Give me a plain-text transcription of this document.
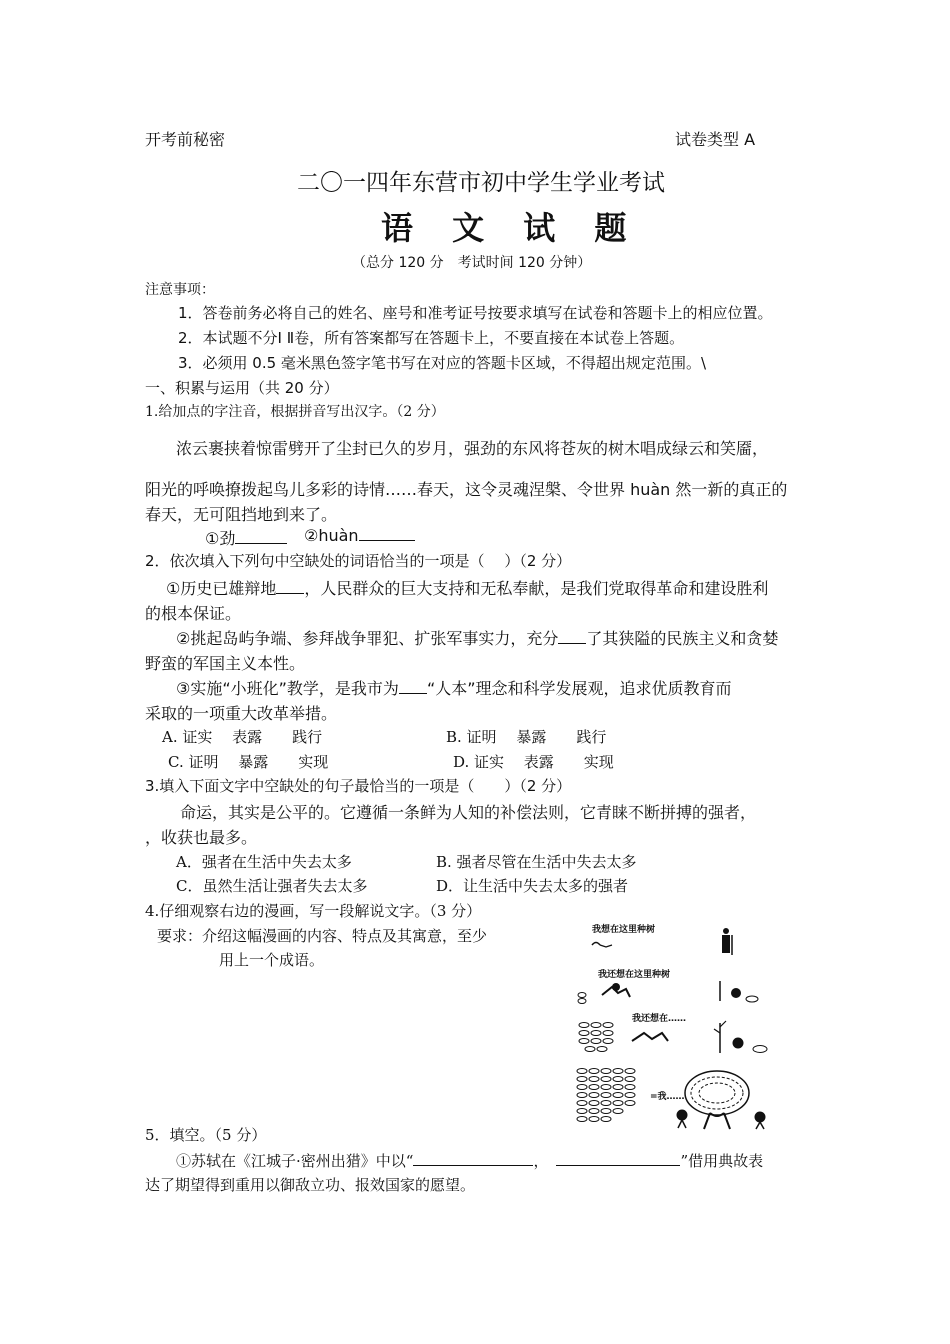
开考前秘密	试卷类型 A
二〇一四年东营市初中学生学业考试
语 文 试 题
（总分 120 分　考试时间 120 分钟）
注意事项：
1．答卷前务必将自己的姓名、座号和准考证号按要求填写在试卷和答题卡上的相应位置。
2．本试题不分Ⅰ Ⅱ卷，所有答案都写在答题卡上，不要直接在本试卷上答题。
3．必须用 0.5 毫米黑色签字笔书写在对应的答题卡区域，不得超出规定范围。\
一、积累与运用（共 20 分）
1.给加点的字注音，根据拼音写出汉字。（2 分）
浓云裹挟着惊雷劈开了尘封已久的岁月，强劲的东风将苍灰的树木唱成绿云和笑靥，
阳光的呼唤撩拨起鸟儿多彩的诗情……春天，这令灵魂涅槃、令世界 huàn 然一新的真正的
春天，无可阻挡地到来了。
①劲	②huàn
2．依次填入下列句中空缺处的词语恰当的一项是（　 ）（2 分）
①历史已雄辩地 ，人民群众的巨大支持和无私奉献，是我们党取得革命和建设胜利
的根本保证。
②挑起岛屿争端、参拜战争罪犯、扩张军事实力，充分 了其狭隘的民族主义和贪婪
野蛮的军国主义本性。
③实施“小班化”教学，是我市为 “人本”理念和科学发展观，追求优质教育而
采取的一项重大改革举措。
A. 证实　 表露　　践行	B. 证明　 暴露　　践行
C. 证明　 暴露　　实现	D. 证实　 表露　　实现
3.填入下面文字中空缺处的句子最恰当的一项是（　　）（2 分）
命运，其实是公平的。它遵循一条鲜为人知的补偿法则，它青睐不断拼搏的强者，
，收获也最多。
A．强者在生活中失去太多	B. 强者尽管在生活中失去太多
C．虽然生活让强者失去太多	D．让生活中失去太多的强者
4.仔细观察右边的漫画，写一段解说文字。（3 分）
要求：介绍这幅漫画的内容、特点及其寓意，至少
用上一个成语。
我想在这里种树
我还想在这里种树
我还想在……
=我……
5．填空。（5 分）
①苏轼在《江城子·密州出猎》中以“	，	”借用典故表
达了期望得到重用以御敌立功、报效国家的愿望。
